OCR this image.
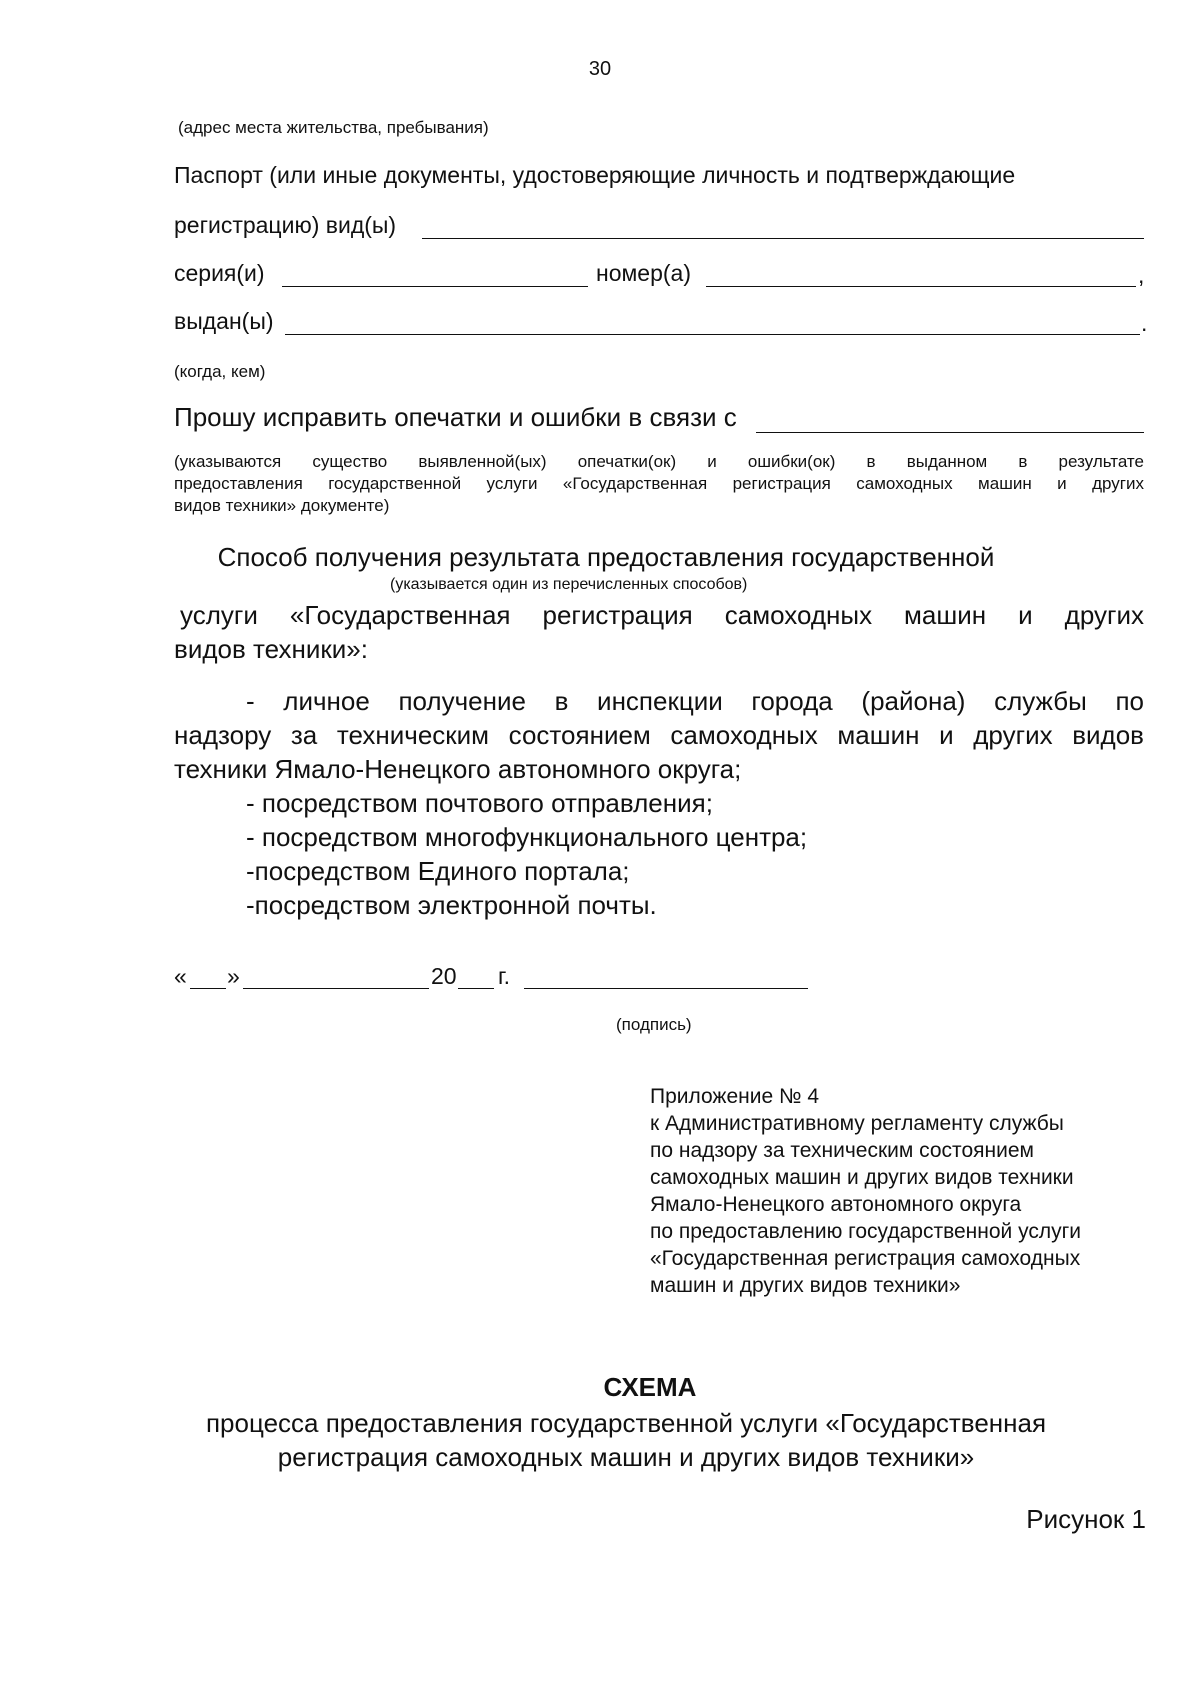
30
(адрес места жительства, пребывания)
Паспорт (или иные документы, удостоверяющие личность и подтверждающие
регистрацию) вид(ы)
серия(и)	номер(а)	,
выдан(ы)	.
(когда, кем)
Прошу исправить опечатки и ошибки в связи с
(указываются существо выявленной(ых) опечатки(ок) и ошибки(ок) в выданном в результате
предоставления государственной услуги «Государственная регистрация самоходных машин и других
видов техники» документе)
Способ получения результата предоставления государственной
(указывается один из перечисленных способов)
услуги «Государственная регистрация самоходных машин и других
видов техники»:
- личное получение в инспекции города (района) службы по
надзору за техническим состоянием самоходных машин и других видов
техники Ямало-Ненецкого автономного округа;
- посредством почтового отправления;
- посредством многофункционального центра;
-посредством Единого портала;
-посредством электронной почты.
« »	20 г.
(подпись)
Приложение № 4
к Административному регламенту службы
по надзору за техническим состоянием
самоходных машин и других видов техники
Ямало-Ненецкого автономного округа
по предоставлению государственной услуги
«Государственная регистрация самоходных
машин и других видов техники»
СХЕМА
процесса предоставления государственной услуги «Государственная
регистрация самоходных машин и других видов техники»
Рисунок 1
